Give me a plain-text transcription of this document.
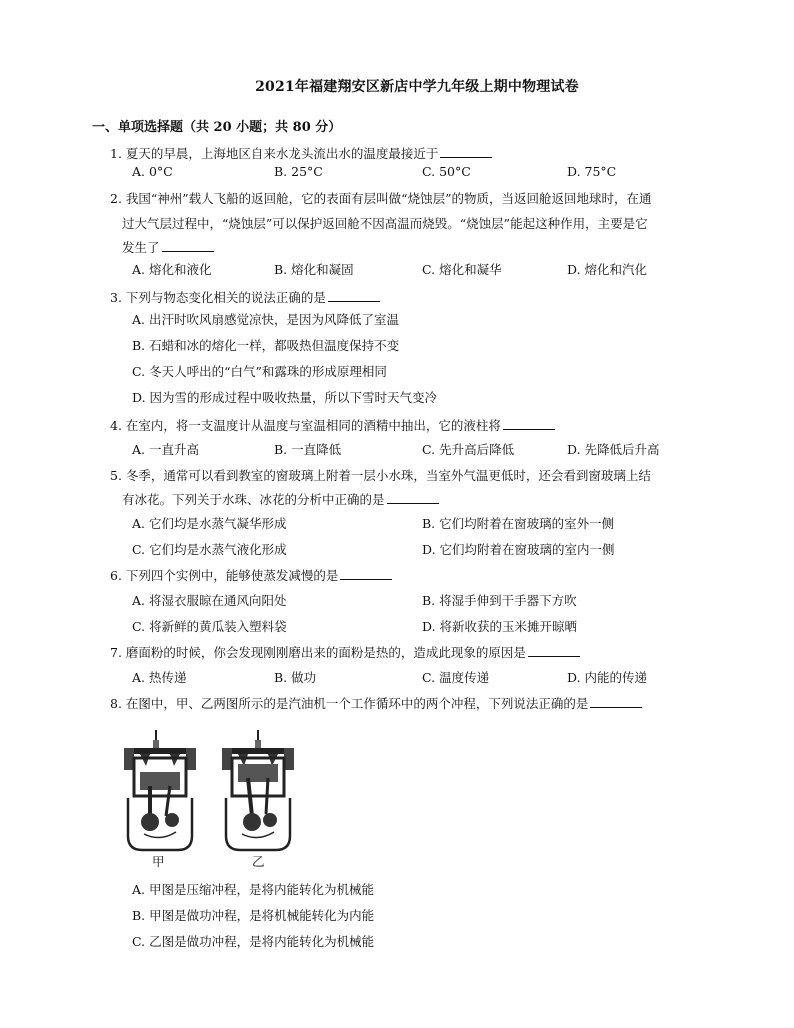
2021年福建翔安区新店中学九年级上期中物理试卷
一、单项选择题（共 20 小题；共 80 分）
1. 夏天的早晨，上海地区自来水龙头流出水的温度最接近于
A. 0°C	B. 25°C	C. 50°C	D. 75°C
2. 我国“神州”载人飞船的返回舱，它的表面有层叫做“烧蚀层”的物质，当返回舱返回地球时，在通
过大气层过程中，“烧蚀层”可以保护返回舱不因高温而烧毁。“烧蚀层”能起这种作用，主要是它
发生了
A. 熔化和液化	B. 熔化和凝固	C. 熔化和凝华	D. 熔化和汽化
3. 下列与物态变化相关的说法正确的是
A. 出汗时吹风扇感觉凉快，是因为风降低了室温
B. 石蜡和冰的熔化一样，都吸热但温度保持不变
C. 冬天人呼出的“白气”和露珠的形成原理相同
D. 因为雪的形成过程中吸收热量，所以下雪时天气变冷
4. 在室内，将一支温度计从温度与室温相同的酒精中抽出，它的液柱将
A. 一直升高	B. 一直降低	C. 先升高后降低	D. 先降低后升高
5. 冬季，通常可以看到教室的窗玻璃上附着一层小水珠，当室外气温更低时，还会看到窗玻璃上结
有冰花。下列关于水珠、冰花的分析中正确的是
A. 它们均是水蒸气凝华形成	B. 它们均附着在窗玻璃的室外一侧
C. 它们均是水蒸气液化形成	D. 它们均附着在窗玻璃的室内一侧
6. 下列四个实例中，能够使蒸发减慢的是
A. 将湿衣服晾在通风向阳处	B. 将湿手伸到干手器下方吹
C. 将新鲜的黄瓜装入塑料袋	D. 将新收获的玉米摊开晾晒
7. 磨面粉的时候，你会发现刚刚磨出来的面粉是热的，造成此现象的原因是
A. 热传递	B. 做功	C. 温度传递	D. 内能的传递
8. 在图中，甲、乙两图所示的是汽油机一个工作循环中的两个冲程，下列说法正确的是
甲	乙
A. 甲图是压缩冲程，是将内能转化为机械能
B. 甲图是做功冲程，是将机械能转化为内能
C. 乙图是做功冲程，是将内能转化为机械能
